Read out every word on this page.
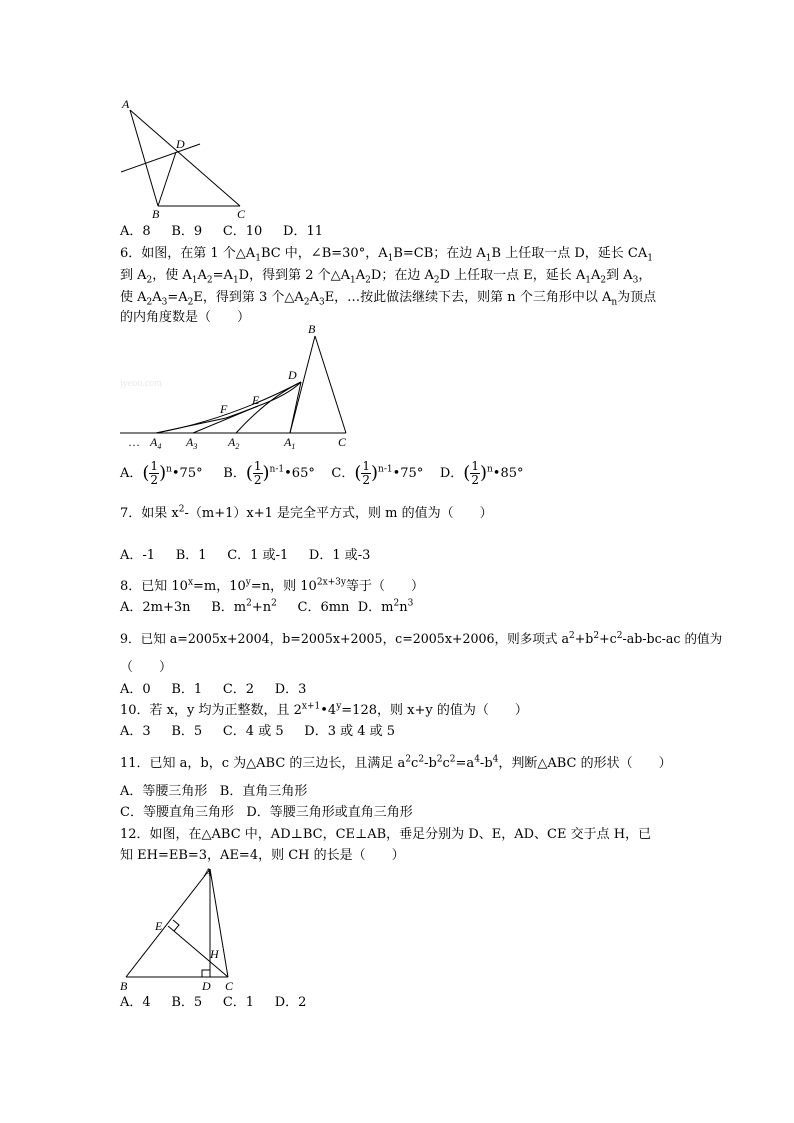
A
B	C
D
A．8 B．9 C．10 D．11
6．如图，在第 1 个$\triangle A_1BC$ 中，∠B=30°，$A_1B=CB$；在边 $A_1B$ 上任取一点 D，延长 $CA_1$
到 $A_2$，使 $A_1A_2=A_1D$，得到第 2 个$\triangle A_1A_2D$；在边 $A_2D$ 上任取一点 E，延长 $A_1A_2$到 $A_3$，
使 $A_2A_3=A_2E$，得到第 3 个$\triangle A_2A_3E$，…按此做法继续下去，则第 n 个三角形中以 $A_n$为顶点
的内角度数是（　　）
jyeoo.com
B
D
E
F
… $A_4$ $A_3$	$A_2$	$A_1$	C
A．( $\frac{1}{2}$ )$^n$•75° B．( $\frac{1}{2}$ )$^{n-1}$•65° C．( $\frac{1}{2}$ )$^{n-1}$•75° D．( $\frac{1}{2}$ )$^n$•85°
7．如果 $x^2-(m+1)x+1$ 是完全平方式，则 m 的值为（　　）
A．-1 B．1 C．1 或-1 D．1 或-3
8．已知 $10^x=m$，$10^y=n$，则 $10^{2x+3y}$等于（　　）
A．2m+3n B．$m^2+n^2$ C．6mn D．$m^2n^3$
9．已知 a=2005x+2004，b=2005x+2005，c=2005x+2006，则多项式 $a^2+b^2+c^2-ab-bc-ac$ 的值为
（　　）
A．0 B．1 C．2 D．3
10．若 x，y 均为正整数，且 $2^{x+1}•4^y=128$，则 x+y 的值为（　　）
A．3 B．5 C．4 或 5 D．3 或 4 或 5
11．已知 a，b，c 为△ABC 的三边长，且满足 $a^2c^2-b^2c^2=a^4-b^4$，判断△ABC 的形状（　　）
A．等腰三角形 B．直角三角形
C．等腰直角三角形 D．等腰三角形或直角三角形
12．如图，在△ABC 中，AD⊥BC，CE⊥AB，垂足分别为 D、E，AD、CE 交于点 H，已
知 EH=EB=3，AE=4，则 CH 的长是（　　）
A
E
H
B	D C
A．4 B．5 C．1 D．2
